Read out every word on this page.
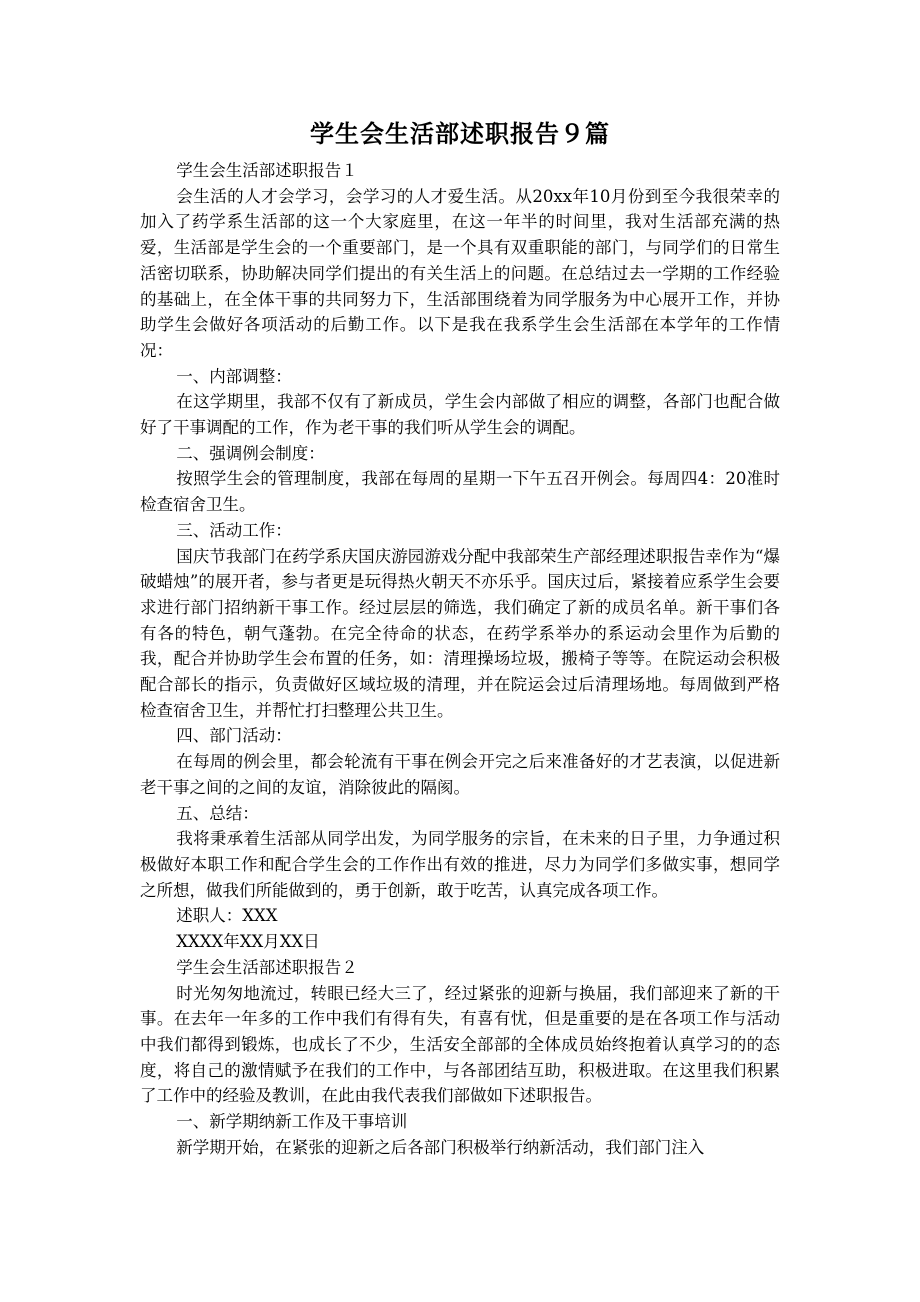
学生会生活部述职报告９篇

学生会生活部述职报告１

会生活的人才会学习，会学习的人才爱生活。从20xx年10月份到至今我很荣幸的加入了药学系生活部的这一个大家庭里，在这一年半的时间里，我对生活部充满的热爱，生活部是学生会的一个重要部门，是一个具有双重职能的部门，与同学们的日常生活密切联系，协助解决同学们提出的有关生活上的问题。在总结过去一学期的工作经验的基础上，在全体干事的共同努力下，生活部围绕着为同学服务为中心展开工作，并协助学生会做好各项活动的后勤工作。以下是我在我系学生会生活部在本学年的工作情况：

一、内部调整：

在这学期里，我部不仅有了新成员，学生会内部做了相应的调整，各部门也配合做好了干事调配的工作，作为老干事的我们听从学生会的调配。

二、强调例会制度：

按照学生会的管理制度，我部在每周的星期一下午五召开例会。每周四4：20准时检查宿舍卫生。

三、活动工作：

国庆节我部门在药学系庆国庆游园游戏分配中我部荣生产部经理述职报告幸作为“爆破蜡烛”的展开者，参与者更是玩得热火朝天不亦乐乎。国庆过后，紧接着应系学生会要求进行部门招纳新干事工作。经过层层的筛选，我们确定了新的成员名单。新干事们各有各的特色，朝气蓬勃。在完全待命的状态，在药学系举办的系运动会里作为后勤的我，配合并协助学生会布置的任务，如：清理操场垃圾，搬椅子等等。在院运动会积极配合部长的指示，负责做好区域垃圾的清理，并在院运会过后清理场地。每周做到严格检查宿舍卫生，并帮忙打扫整理公共卫生。

四、部门活动：

在每周的例会里，都会轮流有干事在例会开完之后来准备好的才艺表演，以促进新老干事之间的之间的友谊，消除彼此的隔阂。

五、总结：

我将秉承着生活部从同学出发，为同学服务的宗旨，在未来的日子里，力争通过积极做好本职工作和配合学生会的工作作出有效的推进，尽力为同学们多做实事，想同学之所想，做我们所能做到的，勇于创新，敢于吃苦，认真完成各项工作。

述职人：XXX

XXXX年XX月XX日

学生会生活部述职报告２

时光匆匆地流过，转眼已经大三了，经过紧张的迎新与换届，我们部迎来了新的干事。在去年一年多的工作中我们有得有失，有喜有忧，但是重要的是在各项工作与活动中我们都得到锻炼，也成长了不少，生活安全部部的全体成员始终抱着认真学习的的态度，将自己的激情赋予在我们的工作中，与各部团结互助，积极进取。在这里我们积累了工作中的经验及教训，在此由我代表我们部做如下述职报告。

一、新学期纳新工作及干事培训

新学期开始，在紧张的迎新之后各部门积极举行纳新活动，我们部门注入
